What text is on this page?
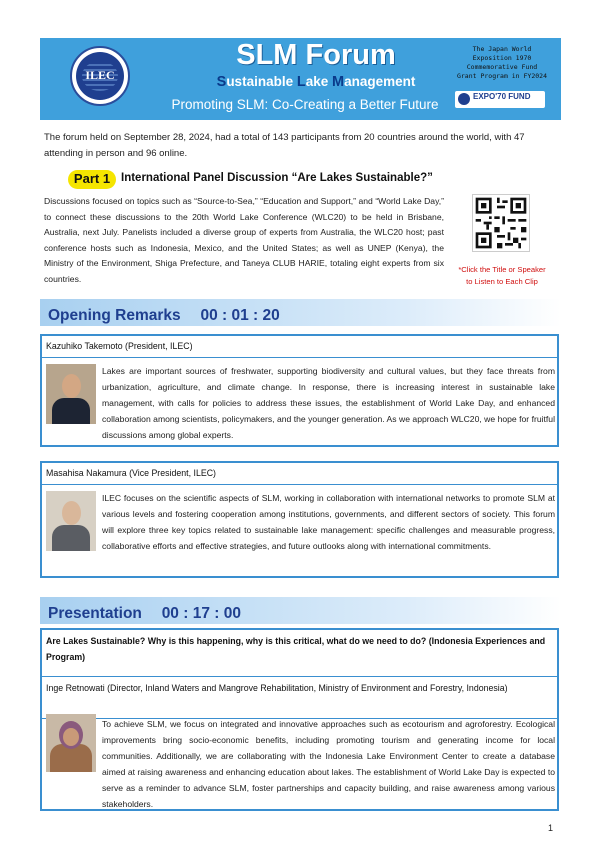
ILEC
SLM Forum
Sustainable Lake Management
Promoting SLM: Co-Creating a Better Future
The Japan World
Exposition 1970
Commemorative Fund
Grant Program in FY2024
EXPO'70 FUND
The forum held on September 28, 2024, had a total of 143 participants from 20 countries around the world, with 47 attending in person and 96 online.
Part 1 International Panel Discussion “Are Lakes Sustainable?”
Discussions focused on topics such as “Source-to-Sea,” “Education and Support,” and “World Lake Day,” to connect these discussions to the 20th World Lake Conference (WLC20) to be held in Brisbane, Australia, next July. Panelists included a diverse group of experts from Australia, the WLC20 host; past conference hosts such as Indonesia, Mexico, and the United States; as well as UNEP (Kenya), the Ministry of the Environment, Shiga Prefecture, and Taneya CLUB HARIE, totaling eight experts from six countries.
*Click the Title or Speaker to Listen to Each Clip
Opening Remarks 　00 : 01 : 20
Kazuhiko Takemoto (President, ILEC)
Lakes are important sources of freshwater, supporting biodiversity and cultural values, but they face threats from urbanization, agriculture, and climate change. In response, there is increasing interest in sustainable lake management, with calls for policies to address these issues, the establishment of World Lake Day, and enhanced collaboration among scientists, policymakers, and the younger generation. As we approach WLC20, we hope for fruitful discussions among global experts.
Masahisa Nakamura (Vice President, ILEC)
ILEC focuses on the scientific aspects of SLM, working in collaboration with international networks to promote SLM at various levels and fostering cooperation among institutions, governments, and different sectors of society. This forum will explore three key topics related to sustainable lake management: specific challenges and measurable progress, collaborative efforts and effective strategies, and future outlooks along with international commitments.
Presentation 　00 : 17 : 00
Are Lakes Sustainable? Why is this happening, why is this critical, what do we need to do? (Indonesia Experiences and Program)
Inge Retnowati (Director, Inland Waters and Mangrove Rehabilitation, Ministry of Environment and Forestry, Indonesia)
To achieve SLM, we focus on integrated and innovative approaches such as ecotourism and agroforestry. Ecological improvements bring socio-economic benefits, including promoting tourism and generating income for local communities. Additionally, we are collaborating with the Indonesia Lake Environment Center to create a database aimed at raising awareness and enhancing education about lakes. The establishment of World Lake Day is expected to serve as a reminder to advance SLM, foster partnerships and capacity building, and raise awareness among various stakeholders.
1
